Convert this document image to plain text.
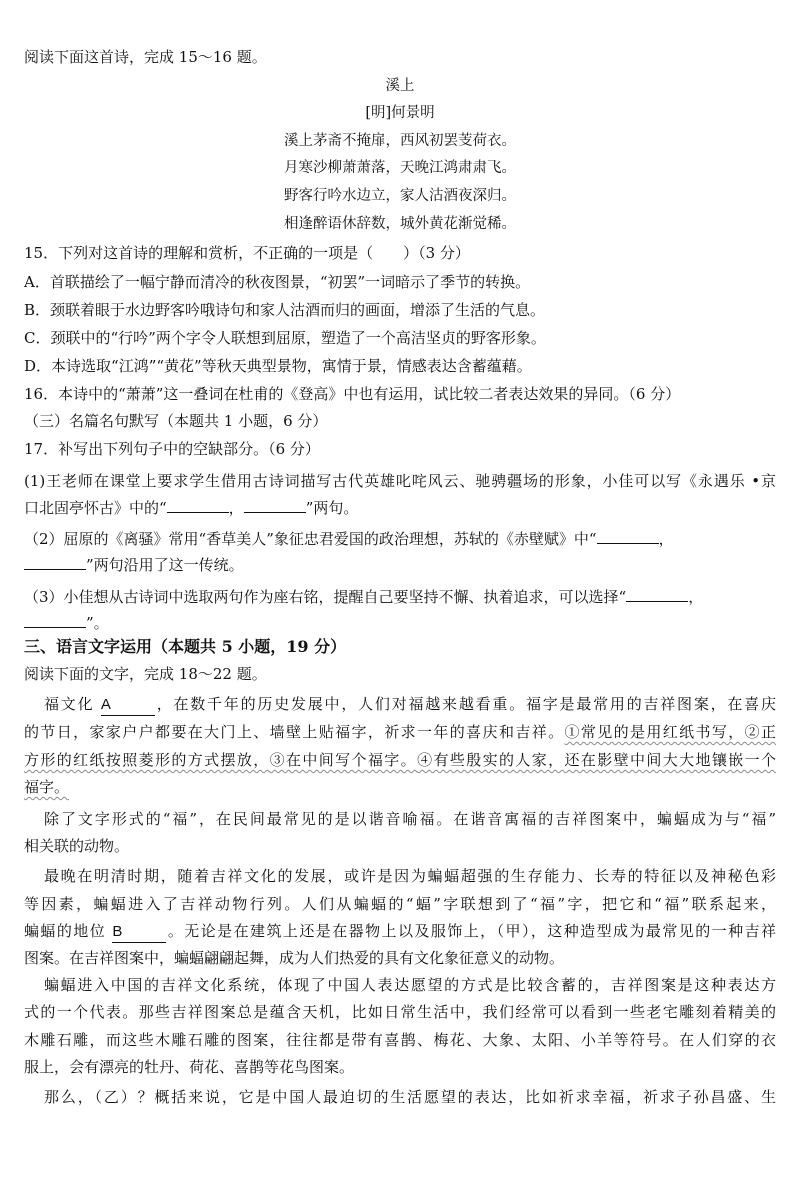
阅读下面这首诗，完成 15～16 题。
溪上
[明]何景明
溪上茅斋不掩扉，西风初罢芰荷衣。
月寒沙柳萧萧落，天晚江鸿肃肃飞。
野客行吟水边立，家人沽酒夜深归。
相逢醉语休辞数，城外黄花渐觉稀。
15．下列对这首诗的理解和赏析，不正确的一项是（　　）（3 分）
A．首联描绘了一幅宁静而清冷的秋夜图景，“初罢”一词暗示了季节的转换。
B．颈联着眼于水边野客吟哦诗句和家人沽酒而归的画面，增添了生活的气息。
C．颈联中的“行吟”两个字令人联想到屈原，塑造了一个高洁坚贞的野客形象。
D．本诗选取“江鸿”“黄花”等秋天典型景物，寓情于景，情感表达含蓄蕴藉。
16．本诗中的“萧萧”这一叠词在杜甫的《登高》中也有运用，试比较二者表达效果的异同。（6 分）
（三）名篇名句默写（本题共 1 小题，6 分）
17．补写出下列句子中的空缺部分。（6 分）
(1)王老师在课堂上要求学生借用古诗词描写古代英雄叱咤风云、驰骋疆场的形象，小佳可以写《永遇乐 •京
口北固亭怀古》中的“	，	”两句。
（2）屈原的《离骚》常用“香草美人”象征忠君爱国的政治理想，苏轼的《赤壁赋》中“	，
”两句沿用了这一传统。
（3）小佳想从古诗词中选取两句作为座右铭，提醒自己要坚持不懈、执着追求，可以选择“	，
”。
三、语言文字运用（本题共 5 小题，19 分）
阅读下面的文字，完成 18～22 题。
福文化 A	，在数千年的历史发展中，人们对福越来越看重。福字是最常用的吉祥图案，在喜庆
的节日，家家户户都要在大门上、墙壁上贴福字，祈求一年的喜庆和吉祥。①常见的是用红纸书写，②正
方形的红纸按照菱形的方式摆放，③在中间写个福字。④有些殷实的人家，还在影壁中间大大地镶嵌一个
福字。
除了文字形式的“福”，在民间最常见的是以谐音喻福。在谐音寓福的吉祥图案中，蝙蝠成为与“福”
相关联的动物。
最晚在明清时期，随着吉祥文化的发展，或许是因为蝙蝠超强的生存能力、长寿的特征以及神秘色彩
等因素，蝙蝠进入了吉祥动物行列。人们从蝙蝠的“蝠”字联想到了“福”字，把它和“福”联系起来，
蝙蝠的地位 B	。无论是在建筑上还是在器物上以及服饰上，（甲），这种造型成为最常见的一种吉祥
图案。在吉祥图案中，蝙蝠翩翩起舞，成为人们热爱的具有文化象征意义的动物。
蝙蝠进入中国的吉祥文化系统，体现了中国人表达愿望的方式是比较含蓄的，吉祥图案是这种表达方
式的一个代表。那些吉祥图案总是蕴含天机，比如日常生活中，我们经常可以看到一些老宅雕刻着精美的
木雕石雕，而这些木雕石雕的图案，往往都是带有喜鹊、梅花、大象、太阳、小羊等符号。在人们穿的衣
服上，会有漂亮的牡丹、荷花、喜鹊等花鸟图案。
那么，（乙）？概括来说，它是中国人最迫切的生活愿望的表达，比如祈求幸福，祈求子孙昌盛、生
